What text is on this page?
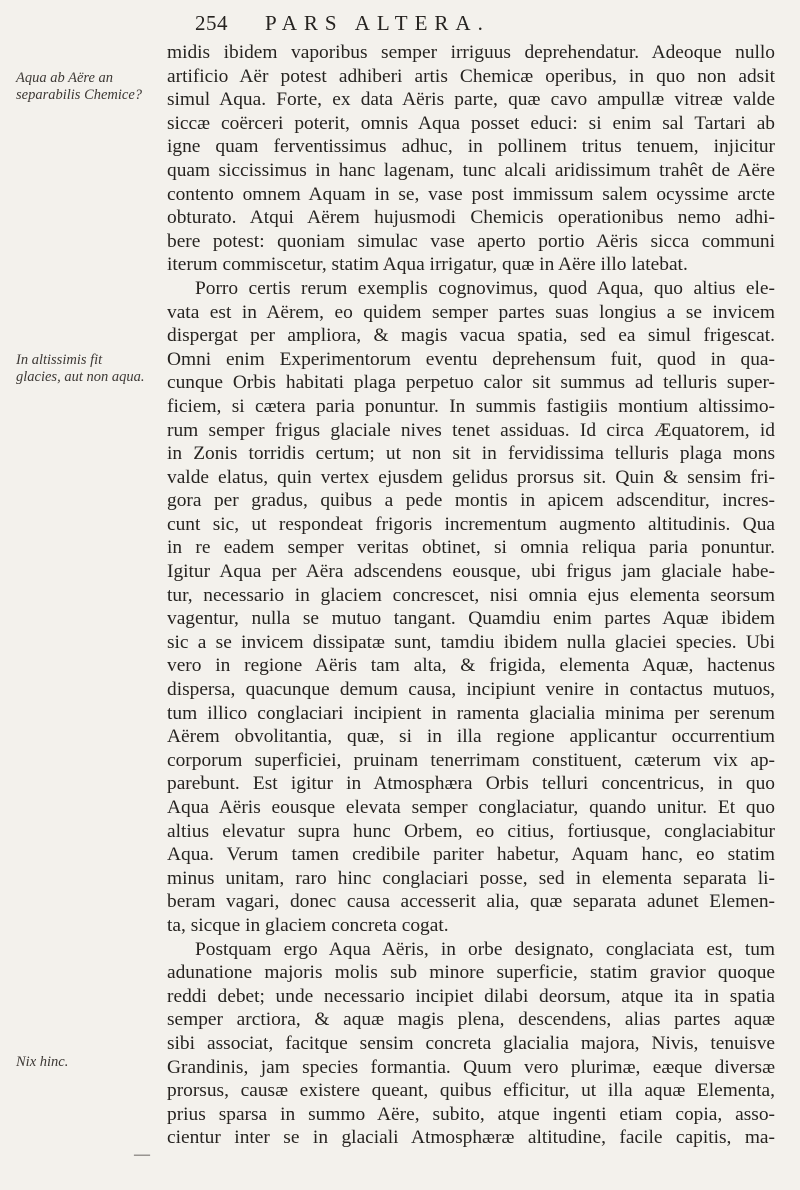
254 PARS ALTERA.
Aqua ab Aëre an separabilis Chemice?
In altissimis fit glacies, aut non aqua.
Nix hinc.
—
midis ibidem vaporibus semper irriguus deprehendatur. Adeoque nullo
artificio Aër potest adhiberi artis Chemicæ operibus, in quo non adsit
simul Aqua. Forte, ex data Aëris parte, quæ cavo ampullæ vitreæ valde
siccæ coërceri poterit, omnis Aqua posset educi: si enim sal Tartari ab
igne quam ferventissimus adhuc, in pollinem tritus tenuem, injicitur
quam siccissimus in hanc lagenam, tunc alcali aridissimum trahêt de Aëre
contento omnem Aquam in se, vase post immissum salem ocyssime arcte
obturato. Atqui Aërem hujusmodi Chemicis operationibus nemo adhi-
bere potest: quoniam simulac vase aperto portio Aëris sicca communi
iterum commiscetur, statim Aqua irrigatur, quæ in Aëre illo latebat.
Porro certis rerum exemplis cognovimus, quod Aqua, quo altius ele-
vata est in Aërem, eo quidem semper partes suas longius a se invicem
dispergat per ampliora, & magis vacua spatia, sed ea simul frigescat.
Omni enim Experimentorum eventu deprehensum fuit, quod in qua-
cunque Orbis habitati plaga perpetuo calor sit summus ad telluris super-
ficiem, si cætera paria ponuntur. In summis fastigiis montium altissimo-
rum semper frigus glaciale nives tenet assiduas. Id circa Æquatorem, id
in Zonis torridis certum; ut non sit in fervidissima telluris plaga mons
valde elatus, quin vertex ejusdem gelidus prorsus sit. Quin & sensim fri-
gora per gradus, quibus a pede montis in apicem adscenditur, incres-
cunt sic, ut respondeat frigoris incrementum augmento altitudinis. Qua
in re eadem semper veritas obtinet, si omnia reliqua paria ponuntur.
Igitur Aqua per Aëra adscendens eousque, ubi frigus jam glaciale habe-
tur, necessario in glaciem concrescet, nisi omnia ejus elementa seorsum
vagentur, nulla se mutuo tangant. Quamdiu enim partes Aquæ ibidem
sic a se invicem dissipatæ sunt, tamdiu ibidem nulla glaciei species. Ubi
vero in regione Aëris tam alta, & frigida, elementa Aquæ, hactenus
dispersa, quacunque demum causa, incipiunt venire in contactus mutuos,
tum illico conglaciari incipient in ramenta glacialia minima per serenum
Aërem obvolitantia, quæ, si in illa regione applicantur occurrentium
corporum superficiei, pruinam tenerrimam constituent, cæterum vix ap-
parebunt. Est igitur in Atmosphæra Orbis telluri concentricus, in quo
Aqua Aëris eousque elevata semper conglaciatur, quando unitur. Et quo
altius elevatur supra hunc Orbem, eo citius, fortiusque, conglaciabitur
Aqua. Verum tamen credibile pariter habetur, Aquam hanc, eo statim
minus unitam, raro hinc conglaciari posse, sed in elementa separata li-
beram vagari, donec causa accesserit alia, quæ separata adunet Elemen-
ta, sicque in glaciem concreta cogat.
Postquam ergo Aqua Aëris, in orbe designato, conglaciata est, tum
adunatione majoris molis sub minore superficie, statim gravior quoque
reddi debet; unde necessario incipiet dilabi deorsum, atque ita in spatia
semper arctiora, & aquæ magis plena, descendens, alias partes aquæ
sibi associat, facitque sensim concreta glacialia majora, Nivis, tenuisve
Grandinis, jam species formantia. Quum vero plurimæ, eæque diversæ
prorsus, causæ existere queant, quibus efficitur, ut illa aquæ Elementa,
prius sparsa in summo Aëre, subito, atque ingenti etiam copia, asso-
cientur inter se in glaciali Atmosphæræ altitudine, facile capitis, ma-
